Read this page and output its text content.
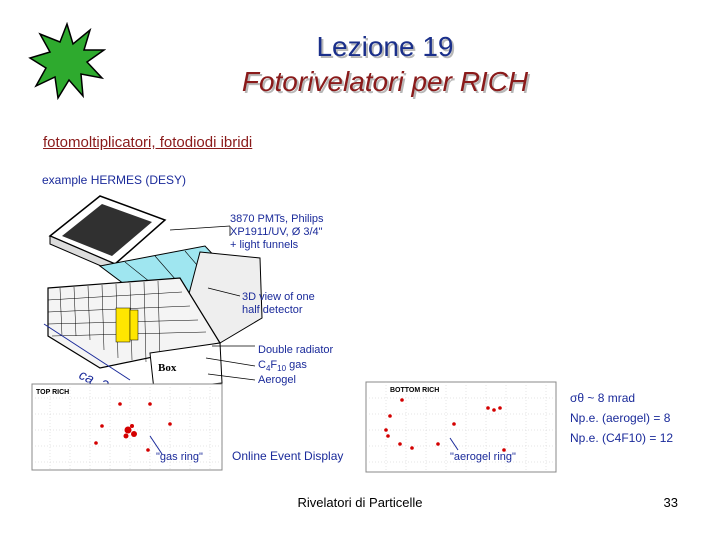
Lezione 19
Fotorivelatori per RICH
fotomoltiplicatori, fotodiodi ibridi
example HERMES (DESY)
Box
3870 PMTs, Philips
XP1911/UV, Ø 3/4"
+ light funnels
3D view of one
half detector
Double radiator
$C_4F_{10}$ gas
Aerogel
TOP RICH
"gas ring" Online Event Display
BOTTOM RICH
"aerogel ring"
σθ ~ 8 mrad
Np.e. (aerogel) = 8
Np.e. (C4F10) = 12
Rivelatori di Particelle	33
